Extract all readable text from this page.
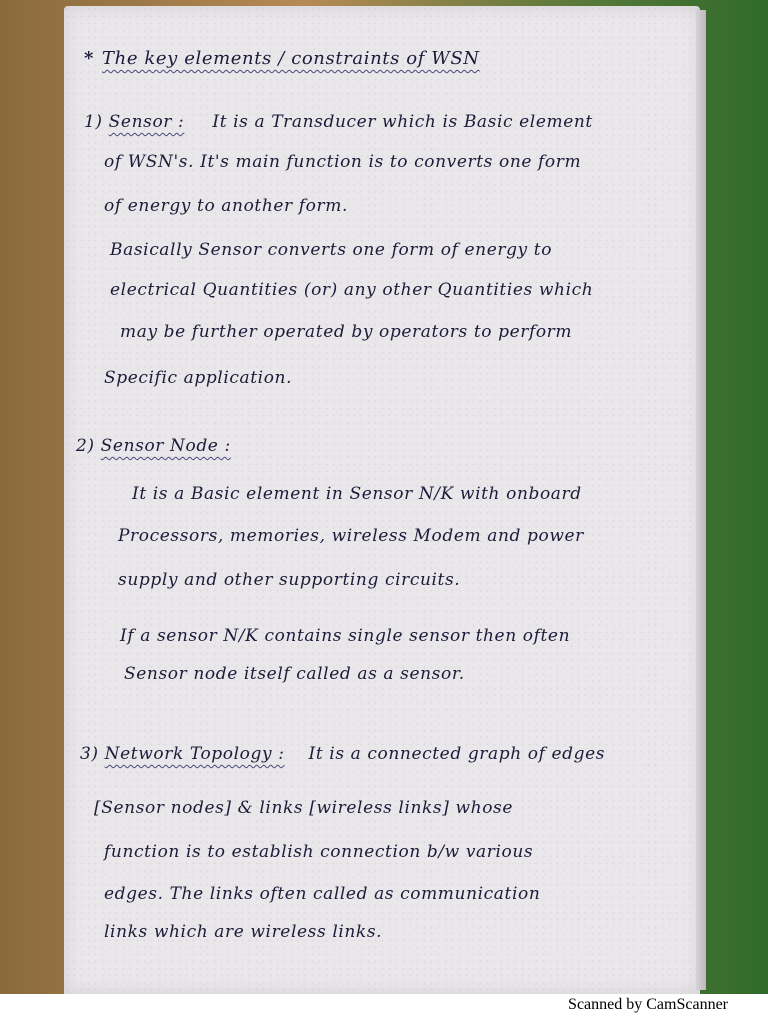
* The key elements / constraints of WSN
1) Sensor : It is a Transducer which is Basic element
of WSN's. It's main function is to converts one form
of energy to another form.
Basically Sensor converts one form of energy to
electrical Quantities (or) any other Quantities which
may be further operated by operators to perform
Specific application.
2) Sensor Node :
It is a Basic element in Sensor N/K with onboard
Processors, memories, wireless Modem and power
supply and other supporting circuits.
If a sensor N/K contains single sensor then often
Sensor node itself called as a sensor.
3) Network Topology : It is a connected graph of edges
[Sensor nodes] & links [wireless links] whose
function is to establish connection b/w various
edges. The links often called as communication
links which are wireless links.
Scanned by CamScanner
